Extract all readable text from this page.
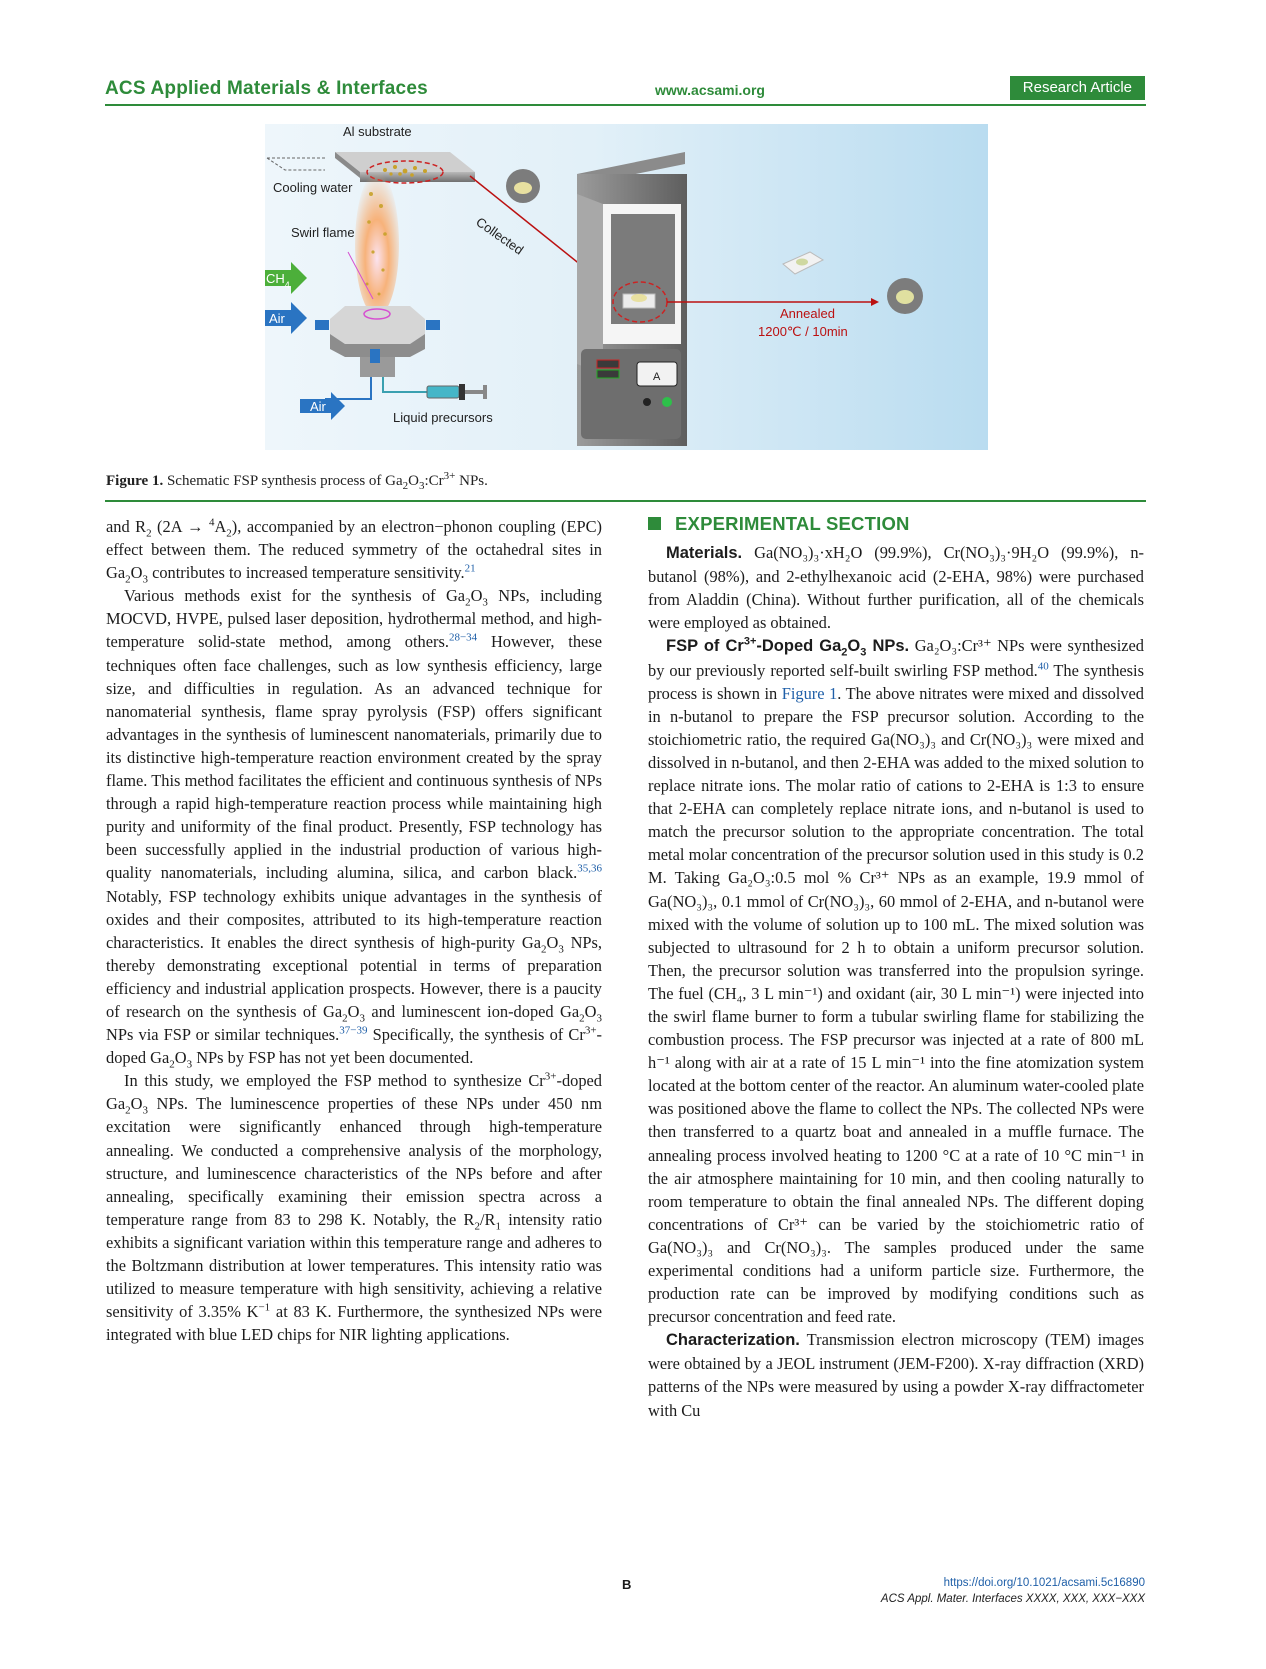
ACS Applied Materials & Interfaces	www.acsami.org	Research Article
Al substrate
Cooling water
Swirl flame
Liquid precursors
$CH_4$
Air
Air
Collected
A
Annealed
1200℃ / 10min
Figure 1. Schematic FSP synthesis process of $Ga_2O_3:Cr^{3+}$ NPs.

and $R_2$ $(2A \to ^4A_2)$, accompanied by an electron−phonon coupling (EPC) effect between them. The reduced symmetry of the octahedral sites in $Ga_2O_3$ contributes to increased temperature sensitivity.$^{21}$

Various methods exist for the synthesis of $Ga_2O_3$ NPs, including MOCVD, HVPE, pulsed laser deposition, hydrothermal method, and high-temperature solid-state method, among others.$^{28-34}$ However, these techniques often face challenges, such as low synthesis efficiency, large size, and difficulties in regulation. As an advanced technique for nanomaterial synthesis, flame spray pyrolysis (FSP) offers significant advantages in the synthesis of luminescent nanomaterials, primarily due to its distinctive high-temperature reaction environment created by the spray flame. This method facilitates the efficient and continuous synthesis of NPs through a rapid high-temperature reaction process while maintaining high purity and uniformity of the final product. Presently, FSP technology has been successfully applied in the industrial production of various high-quality nanomaterials, including alumina, silica, and carbon black.$^{35,36}$ Notably, FSP technology exhibits unique advantages in the synthesis of oxides and their composites, attributed to its high-temperature reaction characteristics. It enables the direct synthesis of high-purity $Ga_2O_3$ NPs, thereby demonstrating exceptional potential in terms of preparation efficiency and industrial application prospects. However, there is a paucity of research on the synthesis of $Ga_2O_3$ and luminescent ion-doped $Ga_2O_3$ NPs via FSP or similar techniques.$^{37-39}$ Specifically, the synthesis of $Cr^{3+}$-doped $Ga_2O_3$ NPs by FSP has not yet been documented.

In this study, we employed the FSP method to synthesize $Cr^{3+}$-doped $Ga_2O_3$ NPs. The luminescence properties of these NPs under 450 nm excitation were significantly enhanced through high-temperature annealing. We conducted a comprehensive analysis of the morphology, structure, and luminescence characteristics of the NPs before and after annealing, specifically examining their emission spectra across a temperature range from 83 to 298 K. Notably, the $R_2/R_1$ intensity ratio exhibits a significant variation within this temperature range and adheres to the Boltzmann distribution at lower temperatures. This intensity ratio was utilized to measure temperature with high sensitivity, achieving a relative sensitivity of 3.35% $K^{-1}$ at 83 K. Furthermore, the synthesized NPs were integrated with blue LED chips for NIR lighting applications.

EXPERIMENTAL SECTION

Materials. Ga(NO₃)₃·xH₂O (99.9%), Cr(NO₃)₃·9H₂O (99.9%), n-butanol (98%), and 2-ethylhexanoic acid (2-EHA, 98%) were purchased from Aladdin (China). Without further purification, all of the chemicals were employed as obtained.

FSP of $Cr^{3+}$-Doped $Ga_2O_3$ NPs. Ga₂O₃:Cr³⁺ NPs were synthesized by our previously reported self-built swirling FSP method.$^{40}$ The synthesis process is shown in Figure 1. The above nitrates were mixed and dissolved in n-butanol to prepare the FSP precursor solution. According to the stoichiometric ratio, the required Ga(NO₃)₃ and Cr(NO₃)₃ were mixed and dissolved in n-butanol, and then 2-EHA was added to the mixed solution to replace nitrate ions. The molar ratio of cations to 2-EHA is 1:3 to ensure that 2-EHA can completely replace nitrate ions, and n-butanol is used to match the precursor solution to the appropriate concentration. The total metal molar concentration of the precursor solution used in this study is 0.2 M. Taking Ga₂O₃:0.5 mol % Cr³⁺ NPs as an example, 19.9 mmol of Ga(NO₃)₃, 0.1 mmol of Cr(NO₃)₃, 60 mmol of 2-EHA, and n-butanol were mixed with the volume of solution up to 100 mL. The mixed solution was subjected to ultrasound for 2 h to obtain a uniform precursor solution. Then, the precursor solution was transferred into the propulsion syringe. The fuel (CH₄, 3 L min⁻¹) and oxidant (air, 30 L min⁻¹) were injected into the swirl flame burner to form a tubular swirling flame for stabilizing the combustion process. The FSP precursor was injected at a rate of 800 mL h⁻¹ along with air at a rate of 15 L min⁻¹ into the fine atomization system located at the bottom center of the reactor. An aluminum water-cooled plate was positioned above the flame to collect the NPs. The collected NPs were then transferred to a quartz boat and annealed in a muffle furnace. The annealing process involved heating to 1200 °C at a rate of 10 °C min⁻¹ in the air atmosphere maintaining for 10 min, and then cooling naturally to room temperature to obtain the final annealed NPs. The different doping concentrations of Cr³⁺ can be varied by the stoichiometric ratio of Ga(NO₃)₃ and Cr(NO₃)₃. The samples produced under the same experimental conditions had a uniform particle size. Furthermore, the production rate can be improved by modifying conditions such as precursor concentration and feed rate.

Characterization. Transmission electron microscopy (TEM) images were obtained by a JEOL instrument (JEM-F200). X-ray diffraction (XRD) patterns of the NPs were measured by using a powder X-ray diffractometer with Cu

B	https://doi.org/10.1021/acsami.5c16890
ACS Appl. Mater. Interfaces XXXX, XXX, XXX−XXX
